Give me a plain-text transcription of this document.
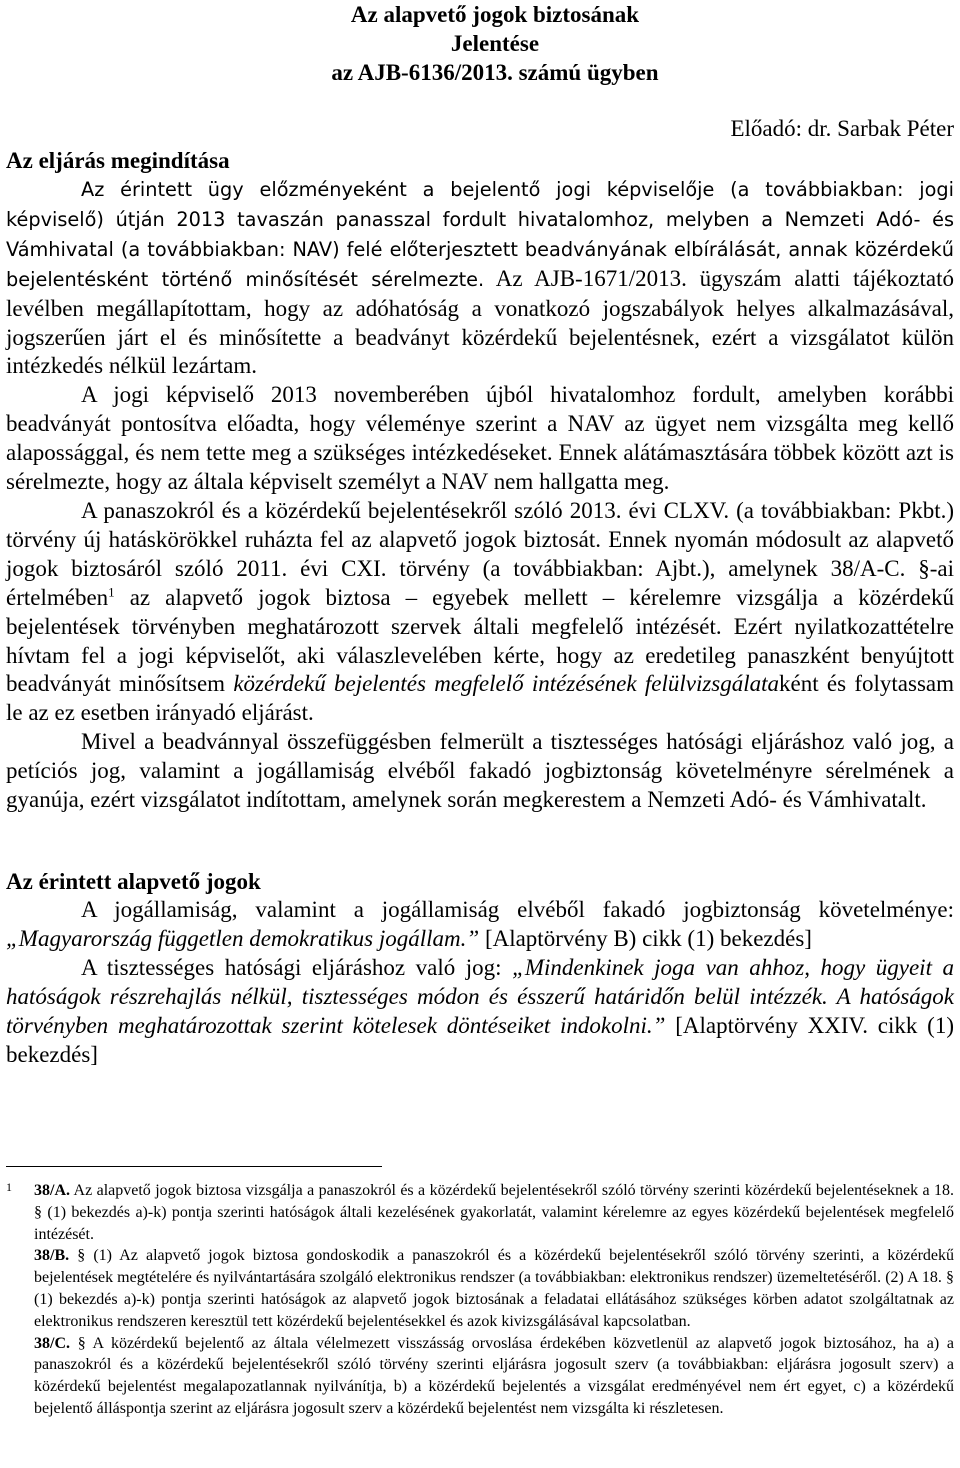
Az alapvető jogok biztosának
Jelentése
az AJB-6136/2013. számú ügyben
Előadó: dr. Sarbak Péter
Az eljárás megindítása

Az érintett ügy előzményeként a bejelentő jogi képviselője (a továbbiakban: jogi képviselő) útján 2013 tavaszán panasszal fordult hivatalomhoz, melyben a Nemzeti Adó- és Vámhivatal (a továbbiakban: NAV) felé előterjesztett beadványának elbírálását, annak közérdekű bejelentésként történő minősítését sérelmezte. Az AJB-1671/2013. ügyszám alatti tájékoztató levélben megállapítottam, hogy az adóhatóság a vonatkozó jogszabályok helyes alkalmazásával, jogszerűen járt el és minősítette a beadványt közérdekű bejelentésnek, ezért a vizsgálatot külön intézkedés nélkül lezártam.

A jogi képviselő 2013 novemberében újból hivatalomhoz fordult, amelyben korábbi beadványát pontosítva előadta, hogy véleménye szerint a NAV az ügyet nem vizsgálta meg kellő alapossággal, és nem tette meg a szükséges intézkedéseket. Ennek alátámasztására többek között azt is sérelmezte, hogy az általa képviselt személyt a NAV nem hallgatta meg.

A panaszokról és a közérdekű bejelentésekről szóló 2013. évi CLXV. (a továbbiakban: Pkbt.) törvény új hatáskörökkel ruházta fel az alapvető jogok biztosát. Ennek nyomán módosult az alapvető jogok biztosáról szóló 2011. évi CXI. törvény (a továbbiakban: Ajbt.), amelynek 38/A-C. §-ai értelmében$^1$ az alapvető jogok biztosa – egyebek mellett – kérelemre vizsgálja a közérdekű bejelentések törvényben meghatározott szervek általi megfelelő intézését. Ezért nyilatkozattételre hívtam fel a jogi képviselőt, aki válaszlevelében kérte, hogy az eredetileg panaszként benyújtott beadványát minősítsem közérdekű bejelentés megfelelő intézésének felülvizsgálataként és folytassam le az ez esetben irányadó eljárást.

Mivel a beadvánnyal összefüggésben felmerült a tisztességes hatósági eljáráshoz való jog, a petíciós jog, valamint a jogállamiság elvéből fakadó jogbiztonság követelményre sérelmének a gyanúja, ezért vizsgálatot indítottam, amelynek során megkerestem a Nemzeti Adó- és Vámhivatalt.

Az érintett alapvető jogok

A jogállamiság, valamint a jogállamiság elvéből fakadó jogbiztonság követelménye: „Magyarország független demokratikus jogállam.” [Alaptörvény B) cikk (1) bekezdés]

A tisztességes hatósági eljáráshoz való jog: „Mindenkinek joga van ahhoz, hogy ügyeit a hatóságok részrehajlás nélkül, tisztességes módon és ésszerű határidőn belül intézzék. A hatóságok törvényben meghatározottak szerint kötelesek döntéseiket indokolni.” [Alaptörvény XXIV. cikk (1) bekezdés]

1 38/A. Az alapvető jogok biztosa vizsgálja a panaszokról és a közérdekű bejelentésekről szóló törvény szerinti közérdekű bejelentéseknek a 18. § (1) bekezdés a)-k) pontja szerinti hatóságok általi kezelésének gyakorlatát, valamint kérelemre az egyes közérdekű bejelentések megfelelő intézését.

38/B. § (1) Az alapvető jogok biztosa gondoskodik a panaszokról és a közérdekű bejelentésekről szóló törvény szerinti, a közérdekű bejelentések megtételére és nyilvántartására szolgáló elektronikus rendszer (a továbbiakban: elektronikus rendszer) üzemeltetéséről. (2) A 18. § (1) bekezdés a)-k) pontja szerinti hatóságok az alapvető jogok biztosának a feladatai ellátásához szükséges körben adatot szolgáltatnak az elektronikus rendszeren keresztül tett közérdekű bejelentésekkel és azok kivizsgálásával kapcsolatban.

38/C. § A közérdekű bejelentő az általa vélelmezett visszásság orvoslása érdekében közvetlenül az alapvető jogok biztosához, ha a) a panaszokról és a közérdekű bejelentésekről szóló törvény szerinti eljárásra jogosult szerv (a továbbiakban: eljárásra jogosult szerv) a közérdekű bejelentést megalapozatlannak nyilvánítja, b) a közérdekű bejelentés a vizsgálat eredményével nem ért egyet, c) a közérdekű bejelentő álláspontja szerint az eljárásra jogosult szerv a közérdekű bejelentést nem vizsgálta ki részletesen.
